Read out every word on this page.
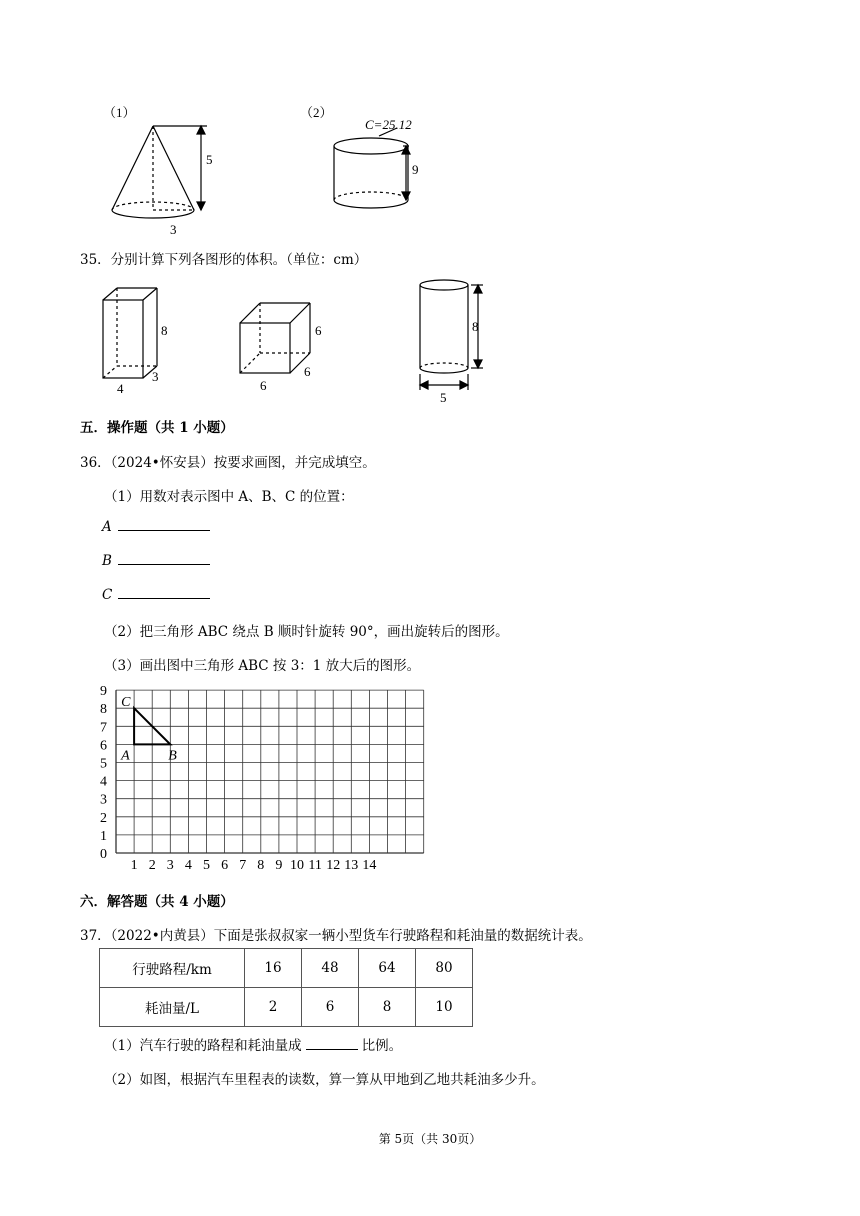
（1）
5
3
（2）
C=25.12
9
35．分别计算下列各图形的体积。（单位：cm）
8
4
3
6
6
6
8
5
五．操作题（共 1 小题）
36．（2024•怀安县）按要求画图，并完成填空。
（1）用数对表示图中 A、B、C 的位置：
A
B
C
（2）把三角形 ABC 绕点 B 顺时针旋转 90°，画出旋转后的图形。
（3）画出图中三角形 ABC 按 3：1 放大后的图形。
0
1
2
3
4
5
6
7
8
9
1 2 3 4 5 6 7 8 9 10 11 12 13 14
A	B
C
六．解答题（共 4 小题）
37．（2022•内黄县）下面是张叔叔家一辆小型货车行驶路程和耗油量的数据统计表。
行驶路程/km	16	48	64	80
耗油量/L	2	6	8	10
（1）汽车行驶的路程和耗油量成	比例。
（2）如图，根据汽车里程表的读数，算一算从甲地到乙地共耗油多少升。
第 5页（共 30页）
